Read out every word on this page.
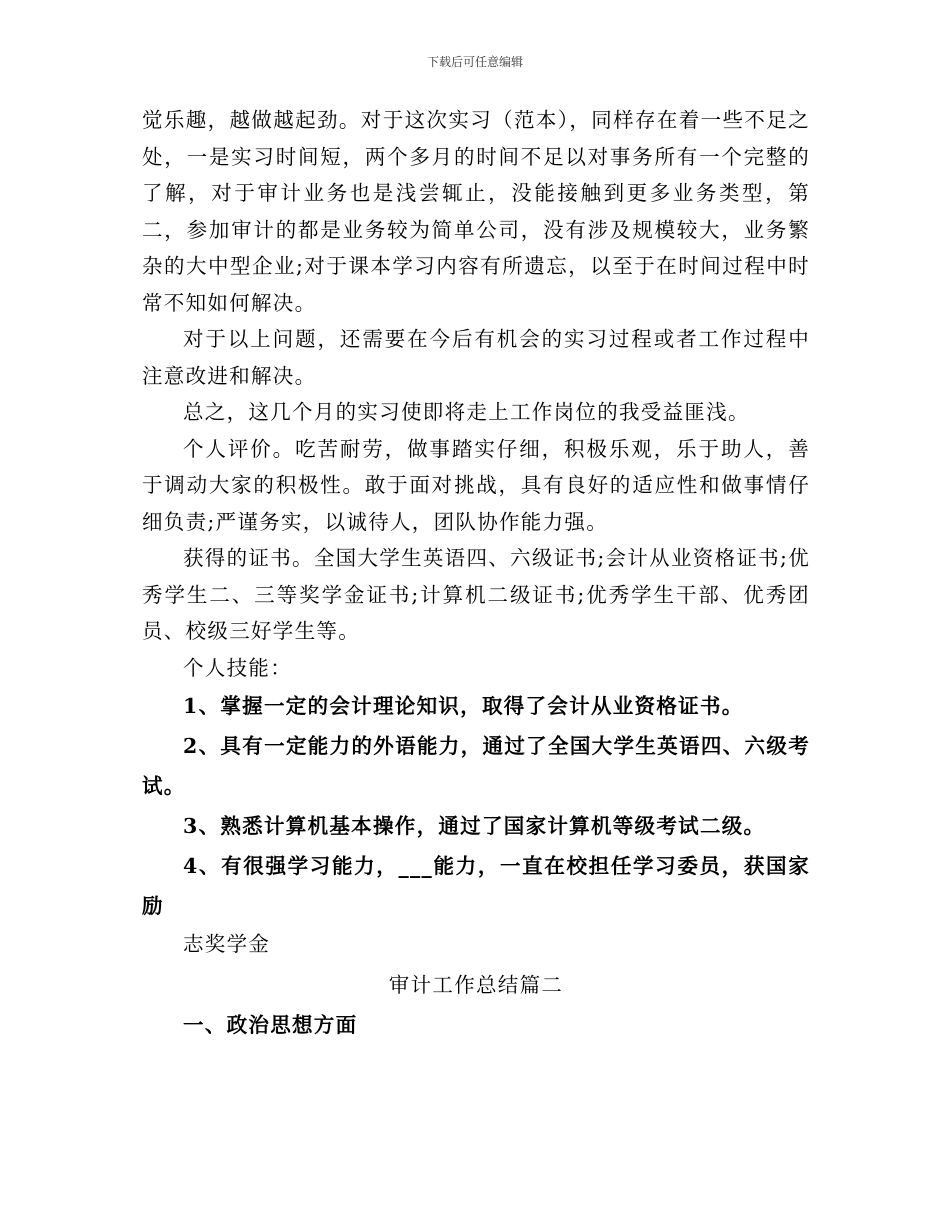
下载后可任意编辑

觉乐趣，越做越起劲。对于这次实习（范本），同样存在着一些不足之处，一是实习时间短，两个多月的时间不足以对事务所有一个完整的了解，对于审计业务也是浅尝辄止，没能接触到更多业务类型，第二，参加审计的都是业务较为简单公司，没有涉及规模较大，业务繁杂的大中型企业;对于课本学习内容有所遗忘，以至于在时间过程中时常不知如何解决。

对于以上问题，还需要在今后有机会的实习过程或者工作过程中注意改进和解决。

总之，这几个月的实习使即将走上工作岗位的我受益匪浅。

个人评价。吃苦耐劳，做事踏实仔细，积极乐观，乐于助人，善于调动大家的积极性。敢于面对挑战，具有良好的适应性和做事情仔细负责;严谨务实，以诚待人，团队协作能力强。

获得的证书。全国大学生英语四、六级证书;会计从业资格证书;优秀学生二、三等奖学金证书;计算机二级证书;优秀学生干部、优秀团员、校级三好学生等。

个人技能：

1、掌握一定的会计理论知识，取得了会计从业资格证书。

2、具有一定能力的外语能力，通过了全国大学生英语四、六级考试。

3、熟悉计算机基本操作，通过了国家计算机等级考试二级。

4、有很强学习能力，___能力，一直在校担任学习委员，获国家励

志奖学金

审计工作总结篇二

一、政治思想方面
